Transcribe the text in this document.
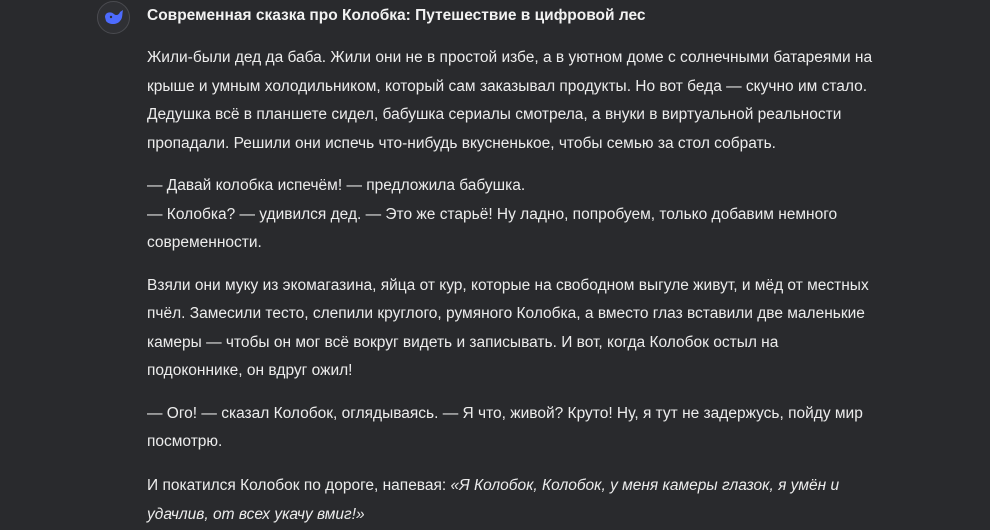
Современная сказка про Колобка: Путешествие в цифровой лес
Жили-были дед да баба. Жили они не в простой избе, а в уютном доме с солнечными батареями на
крыше и умным холодильником, который сам заказывал продукты. Но вот беда — скучно им стало.
Дедушка всё в планшете сидел, бабушка сериалы смотрела, а внуки в виртуальной реальности
пропадали. Решили они испечь что-нибудь вкусненькое, чтобы семью за стол собрать.
— Давай колобка испечём! — предложила бабушка.
— Колобка? — удивился дед. — Это же старьё! Ну ладно, попробуем, только добавим немного
современности.
Взяли они муку из экомагазина, яйца от кур, которые на свободном выгуле живут, и мёд от местных
пчёл. Замесили тесто, слепили круглого, румяного Колобка, а вместо глаз вставили две маленькие
камеры — чтобы он мог всё вокруг видеть и записывать. И вот, когда Колобок остыл на
подоконнике, он вдруг ожил!
— Ого! — сказал Колобок, оглядываясь. — Я что, живой? Круто! Ну, я тут не задержусь, пойду мир
посмотрю.
И покатился Колобок по дороге, напевая: «Я Колобок, Колобок, у меня камеры глазок, я умён и
удачлив, от всех укачу вмиг!»
